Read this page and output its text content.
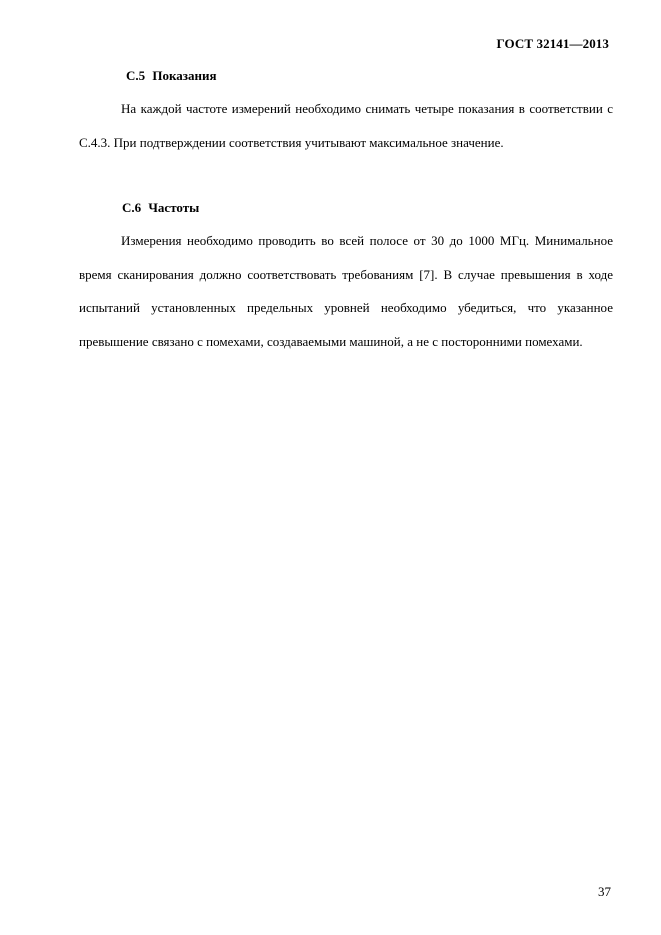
ГОСТ 32141—2013
С.5 Показания

На каждой частоте измерений необходимо снимать четыре показания в соответствии с С.4.3. При подтверждении соответствия учитывают максимальное значение.

С.6 Частоты

Измерения необходимо проводить во всей полосе от 30 до 1000 МГц. Минимальное время сканирования должно соответствовать требованиям [7]. В случае превышения в ходе испытаний установленных предельных уровней необходимо убедиться, что указанное превышение связано с помехами, создаваемыми машиной, а не с посторонними помехами.

37
